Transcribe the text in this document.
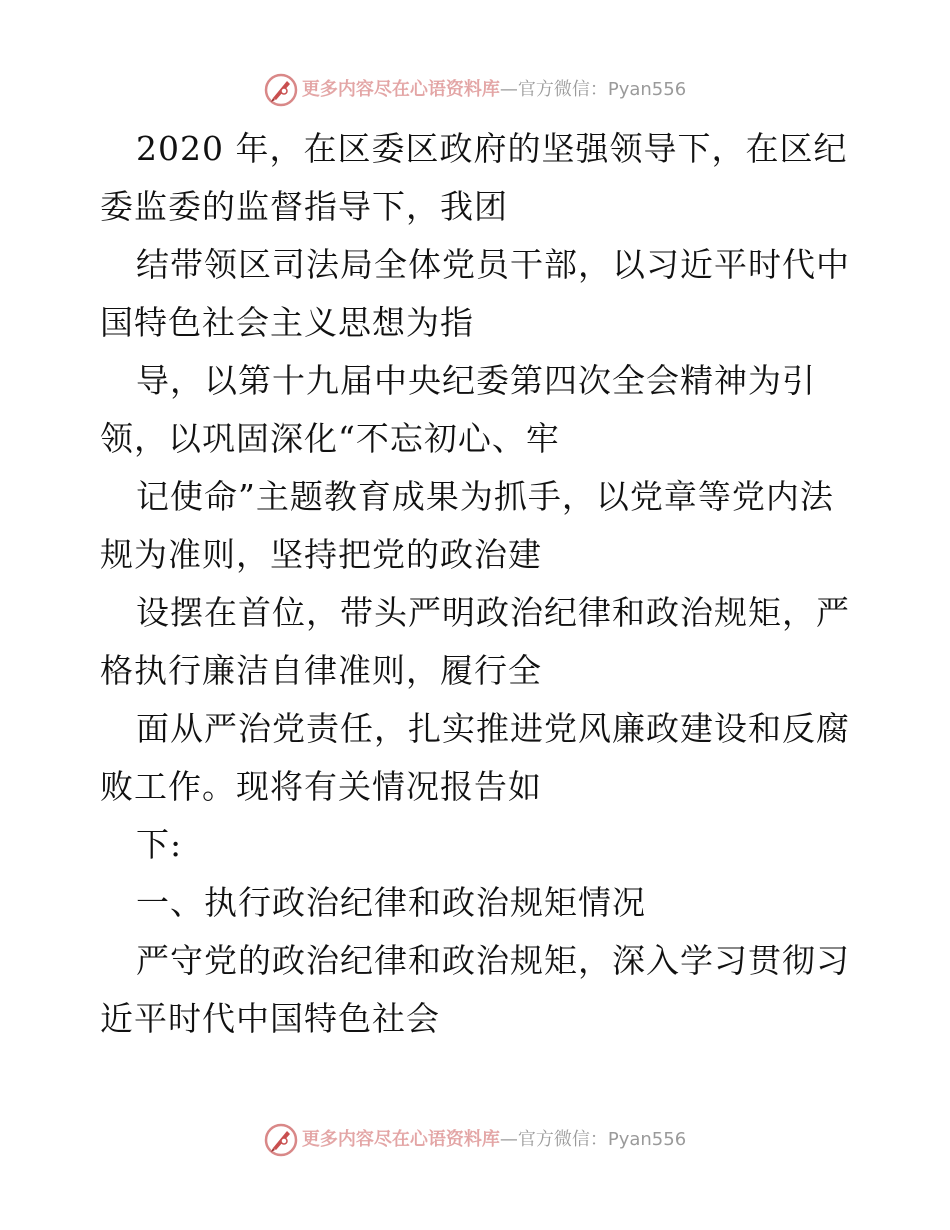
更多内容尽在心语资料库—官方微信：Pyan556
2020 年，在区委区政府的坚强领导下，在区纪
委监委的监督指导下，我团
结带领区司法局全体党员干部，以习近平时代中
国特色社会主义思想为指
导，以第十九届中央纪委第四次全会精神为引
领，以巩固深化“不忘初心、牢
记使命”主题教育成果为抓手，以党章等党内法
规为准则，坚持把党的政治建
设摆在首位，带头严明政治纪律和政治规矩，严
格执行廉洁自律准则，履行全
面从严治党责任，扎实推进党风廉政建设和反腐
败工作。现将有关情况报告如
下:
一、执行政治纪律和政治规矩情况
严守党的政治纪律和政治规矩，深入学习贯彻习
近平时代中国特色社会
更多内容尽在心语资料库—官方微信：Pyan556
